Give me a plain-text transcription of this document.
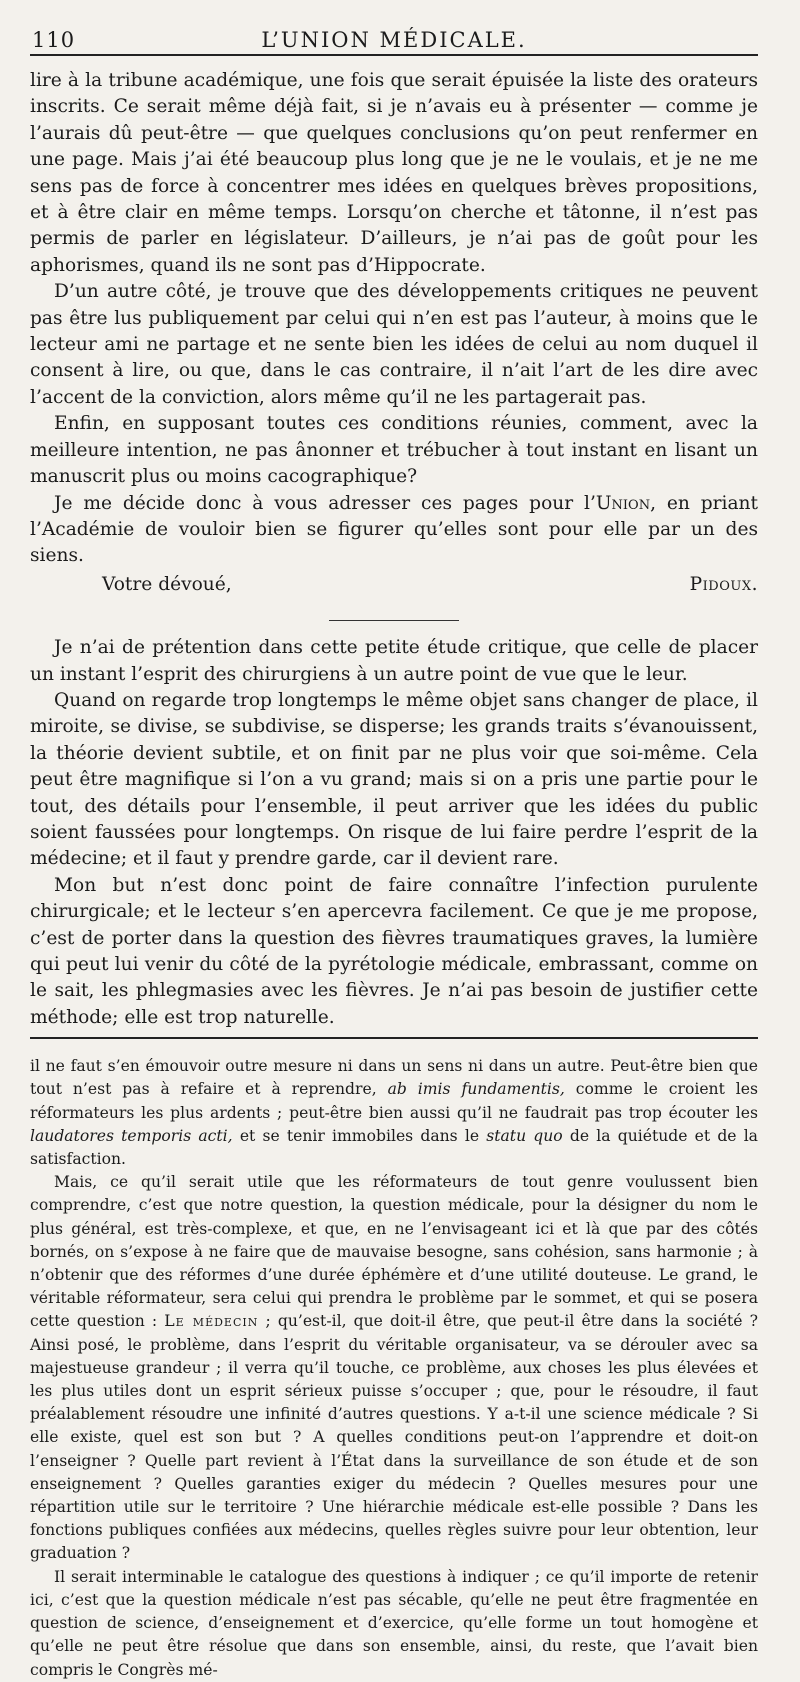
110	L’UNION MÉDICALE.

lire à la tribune académique, une fois que serait épuisée la liste des orateurs inscrits. Ce serait même déjà fait, si je n’avais eu à présenter — comme je l’aurais dû peut-être — que quelques conclusions qu’on peut renfermer en une page. Mais j’ai été beaucoup plus long que je ne le voulais, et je ne me sens pas de force à concentrer mes idées en quelques brèves propositions, et à être clair en même temps. Lorsqu’on cherche et tâtonne, il n’est pas permis de parler en législateur. D’ailleurs, je n’ai pas de goût pour les aphorismes, quand ils ne sont pas d’Hippocrate.

D’un autre côté, je trouve que des développements critiques ne peuvent pas être lus publiquement par celui qui n’en est pas l’auteur, à moins que le lecteur ami ne partage et ne sente bien les idées de celui au nom duquel il consent à lire, ou que, dans le cas contraire, il n’ait l’art de les dire avec l’accent de la conviction, alors même qu’il ne les partagerait pas.

Enfin, en supposant toutes ces conditions réunies, comment, avec la meilleure intention, ne pas ânonner et trébucher à tout instant en lisant un manuscrit plus ou moins cacographique?

Je me décide donc à vous adresser ces pages pour l’Union, en priant l’Académie de vouloir bien se figurer qu’elles sont pour elle par un des siens.

Votre dévoué,	Pidoux.

Je n’ai de prétention dans cette petite étude critique, que celle de placer un instant l’esprit des chirurgiens à un autre point de vue que le leur.

Quand on regarde trop longtemps le même objet sans changer de place, il miroite, se divise, se subdivise, se disperse; les grands traits s’évanouissent, la théorie devient subtile, et on finit par ne plus voir que soi-même. Cela peut être magnifique si l’on a vu grand; mais si on a pris une partie pour le tout, des détails pour l’ensemble, il peut arriver que les idées du public soient faussées pour longtemps. On risque de lui faire perdre l’esprit de la médecine; et il faut y prendre garde, car il devient rare.

Mon but n’est donc point de faire connaître l’infection purulente chirurgicale; et le lecteur s’en apercevra facilement. Ce que je me propose, c’est de porter dans la question des fièvres traumatiques graves, la lumière qui peut lui venir du côté de la pyrétologie médicale, embrassant, comme on le sait, les phlegmasies avec les fièvres. Je n’ai pas besoin de justifier cette méthode; elle est trop naturelle.

il ne faut s’en émouvoir outre mesure ni dans un sens ni dans un autre. Peut-être bien que tout n’est pas à refaire et à reprendre, ab imis fundamentis, comme le croient les réformateurs les plus ardents ; peut-être bien aussi qu’il ne faudrait pas trop écouter les laudatores temporis acti, et se tenir immobiles dans le statu quo de la quiétude et de la satisfaction.

Mais, ce qu’il serait utile que les réformateurs de tout genre voulussent bien comprendre, c’est que notre question, la question médicale, pour la désigner du nom le plus général, est très-complexe, et que, en ne l’envisageant ici et là que par des côtés bornés, on s’expose à ne faire que de mauvaise besogne, sans cohésion, sans harmonie ; à n’obtenir que des réformes d’une durée éphémère et d’une utilité douteuse. Le grand, le véritable réformateur, sera celui qui prendra le problème par le sommet, et qui se posera cette question : Le médecin ; qu’est-il, que doit-il être, que peut-il être dans la société ? Ainsi posé, le problème, dans l’esprit du véritable organisateur, va se dérouler avec sa majestueuse grandeur ; il verra qu’il touche, ce problème, aux choses les plus élevées et les plus utiles dont un esprit sérieux puisse s’occuper ; que, pour le résoudre, il faut préalablement résoudre une infinité d’autres questions. Y a-t-il une science médicale ? Si elle existe, quel est son but ? A quelles conditions peut-on l’apprendre et doit-on l’enseigner ? Quelle part revient à l’État dans la surveillance de son étude et de son enseignement ? Quelles garanties exiger du médecin ? Quelles mesures pour une répartition utile sur le territoire ? Une hiérarchie médicale est-elle possible ? Dans les fonctions publiques confiées aux médecins, quelles règles suivre pour leur obtention, leur graduation ?

Il serait interminable le catalogue des questions à indiquer ; ce qu’il importe de retenir ici, c’est que la question médicale n’est pas sécable, qu’elle ne peut être fragmentée en question de science, d’enseignement et d’exercice, qu’elle forme un tout homogène et qu’elle ne peut être résolue que dans son ensemble, ainsi, du reste, que l’avait bien compris le Congrès mé-
